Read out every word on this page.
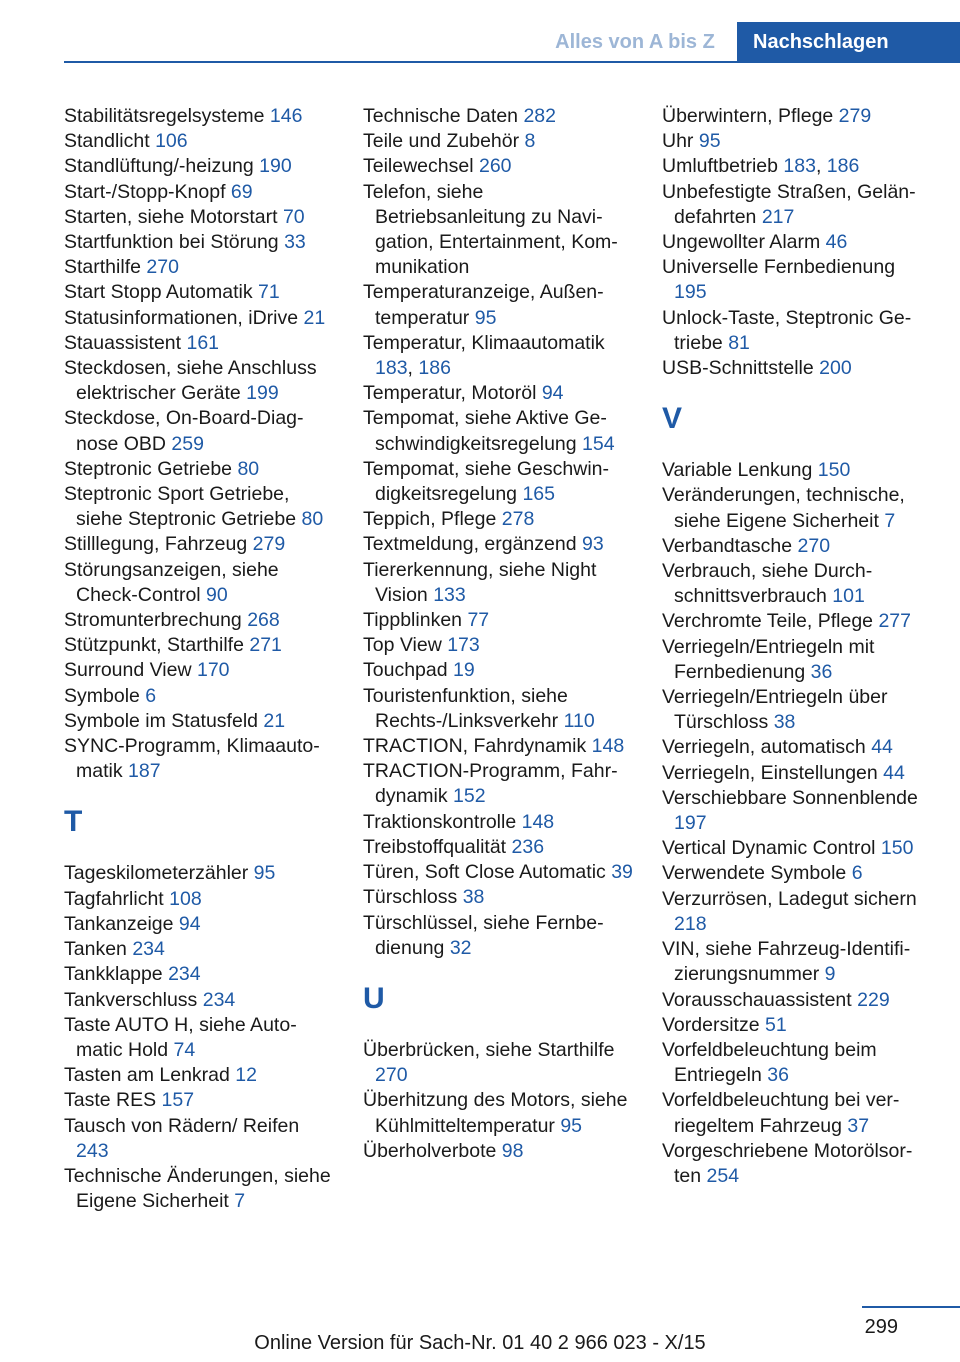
Alles von A bis Z	Nachschlagen
Stabilitätsregelsysteme 146
Standlicht 106
Standlüftung/-heizung 190
Start-/Stopp-Knopf 69
Starten, siehe Motorstart 70
Startfunktion bei Störung 33
Starthilfe 270
Start Stopp Automatik 71
Statusinformationen, iDrive 21
Stauassistent 161
Steckdosen, siehe Anschluss elektrischer Geräte 199
Steckdose, On-Board-Diagnose OBD 259
Steptronic Getriebe 80
Steptronic Sport Getriebe, siehe Steptronic Getriebe 80
Stilllegung, Fahrzeug 279
Störungsanzeigen, siehe Check-Control 90
Stromunterbrechung 268
Stützpunkt, Starthilfe 271
Surround View 170
Symbole 6
Symbole im Statusfeld 21
SYNC-Programm, Klimaautomatik 187
T
Tageskilometerzähler 95
Tagfahrlicht 108
Tankanzeige 94
Tanken 234
Tankklappe 234
Tankverschluss 234
Taste AUTO H, siehe Automatic Hold 74
Tasten am Lenkrad 12
Taste RES 157
Tausch von Rädern/ Reifen 243
Technische Änderungen, siehe Eigene Sicherheit 7
Technische Daten 282
Teile und Zubehör 8
Teilewechsel 260
Telefon, siehe Betriebsanleitung zu Navigation, Entertainment, Kommunikation
Temperaturanzeige, Außentemperatur 95
Temperatur, Klimaautomatik 183, 186
Temperatur, Motoröl 94
Tempomat, siehe Aktive Geschwindigkeitsregelung 154
Tempomat, siehe Geschwindigkeitsregelung 165
Teppich, Pflege 278
Textmeldung, ergänzend 93
Tiererkennung, siehe Night Vision 133
Tippblinken 77
Top View 173
Touchpad 19
Touristenfunktion, siehe Rechts-/Linksverkehr 110
TRACTION, Fahrdynamik 148
TRACTION-Programm, Fahrdynamik 152
Traktionskontrolle 148
Treibstoffqualität 236
Türen, Soft Close Automatic 39
Türschloss 38
Türschlüssel, siehe Fernbedienung 32
U
Überbrücken, siehe Starthilfe 270
Überhitzung des Motors, siehe Kühlmitteltemperatur 95
Überholverbote 98
Überwintern, Pflege 279
Uhr 95
Umluftbetrieb 183, 186
Unbefestigte Straßen, Geländefahrten 217
Ungewollter Alarm 46
Universelle Fernbedienung 195
Unlock-Taste, Steptronic Getriebe 81
USB-Schnittstelle 200
V
Variable Lenkung 150
Veränderungen, technische, siehe Eigene Sicherheit 7
Verbandtasche 270
Verbrauch, siehe Durchschnittsverbrauch 101
Verchromte Teile, Pflege 277
Verriegeln/Entriegeln mit Fernbedienung 36
Verriegeln/Entriegeln über Türschloss 38
Verriegeln, automatisch 44
Verriegeln, Einstellungen 44
Verschiebbare Sonnenblende 197
Vertical Dynamic Control 150
Verwendete Symbole 6
Verzurrösen, Ladegut sichern 218
VIN, siehe Fahrzeug-Identifizierungsnummer 9
Vorausschauassistent 229
Vordersitze 51
Vorfeldbeleuchtung beim Entriegeln 36
Vorfeldbeleuchtung bei verriegeltem Fahrzeug 37
Vorgeschriebene Motorölsorten 254
299
Online Version für Sach-Nr. 01 40 2 966 023 - X/15
